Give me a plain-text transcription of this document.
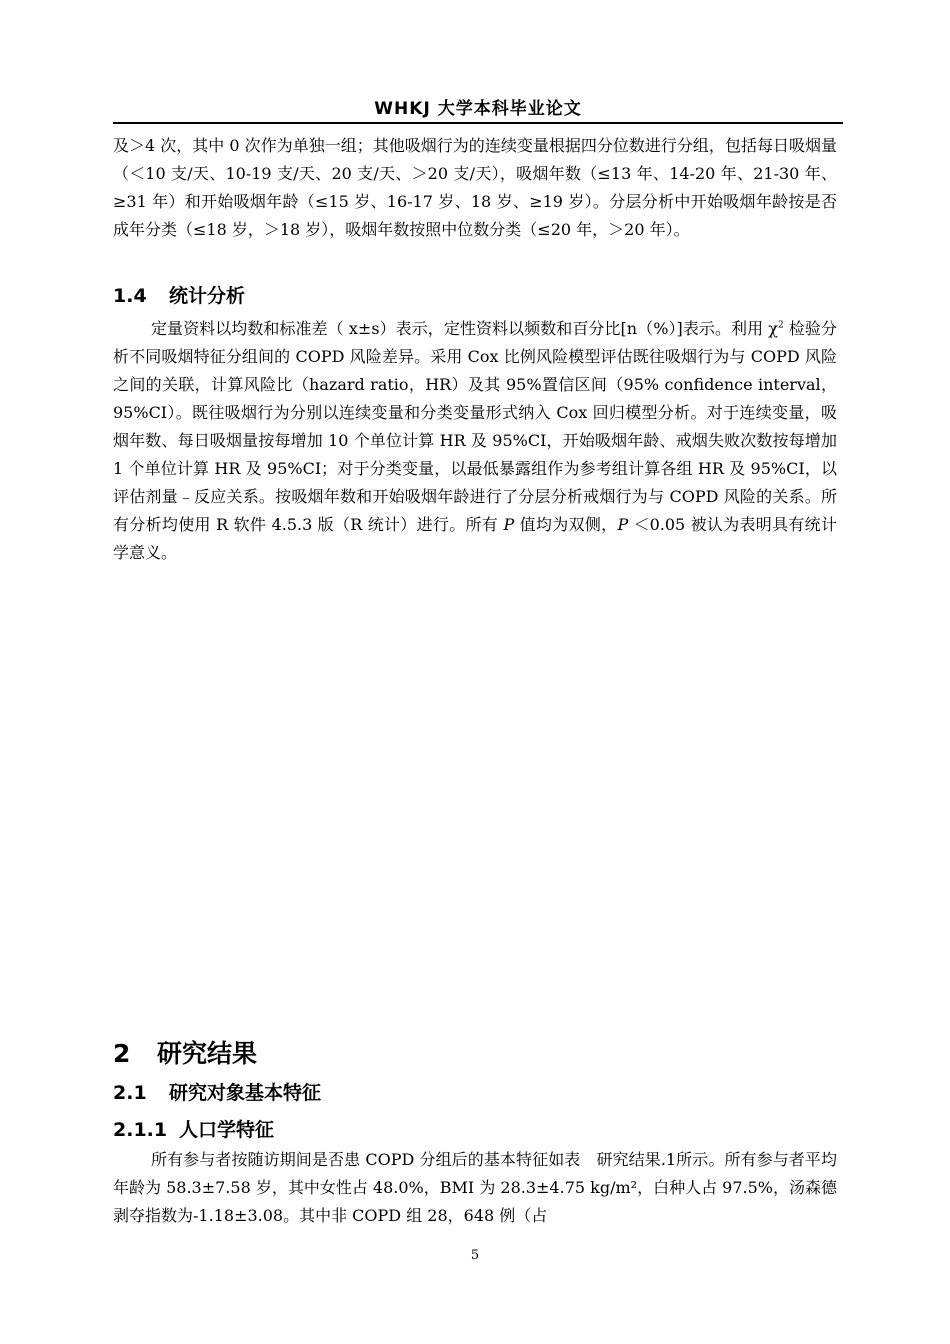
WHKJ 大学本科毕业论文

及＞4 次，其中 0 次作为单独一组；其他吸烟行为的连续变量根据四分位数进行分组，包括每日吸烟量（＜10 支/天、10-19 支/天、20 支/天、＞20 支/天），吸烟年数（≤13 年、14-20 年、21-30 年、≥31 年）和开始吸烟年龄（≤15 岁、16-17 岁、18 岁、≥19 岁）。分层分析中开始吸烟年龄按是否成年分类（≤18 岁，＞18 岁），吸烟年数按照中位数分类（≤20 年，＞20 年）。

1.4 统计分析

定量资料以均数和标准差（ x±s）表示，定性资料以频数和百分比[n（%）]表示。利用 $\chi^2$ 检验分析不同吸烟特征分组间的 COPD 风险差异。采用 Cox 比例风险模型评估既往吸烟行为与 COPD 风险之间的关联，计算风险比（hazard ratio，HR）及其 95%置信区间（95% confidence interval，95%CI）。既往吸烟行为分别以连续变量和分类变量形式纳入 Cox 回归模型分析。对于连续变量，吸烟年数、每日吸烟量按每增加 10 个单位计算 HR 及 95%CI，开始吸烟年龄、戒烟失败次数按每增加 1 个单位计算 HR 及 95%CI；对于分类变量，以最低暴露组作为参考组计算各组 HR 及 95%CI，以评估剂量﹣反应关系。按吸烟年数和开始吸烟年龄进行了分层分析戒烟行为与 COPD 风险的关系。所有分析均使用 R 软件 4.5.3 版（R 统计）进行。所有 P 值均为双侧，P ＜0.05 被认为表明具有统计学意义。

2 研究结果
2.1 研究对象基本特征
2.1.1 人口学特征

所有参与者按随访期间是否患 COPD 分组后的基本特征如表　研究结果.1所示。所有参与者平均年龄为 58.3±7.58 岁，其中女性占 48.0%，BMI 为 28.3±4.75 kg/m²，白种人占 97.5%，汤森德剥夺指数为-1.18±3.08。其中非 COPD 组 28，648 例（占

5
